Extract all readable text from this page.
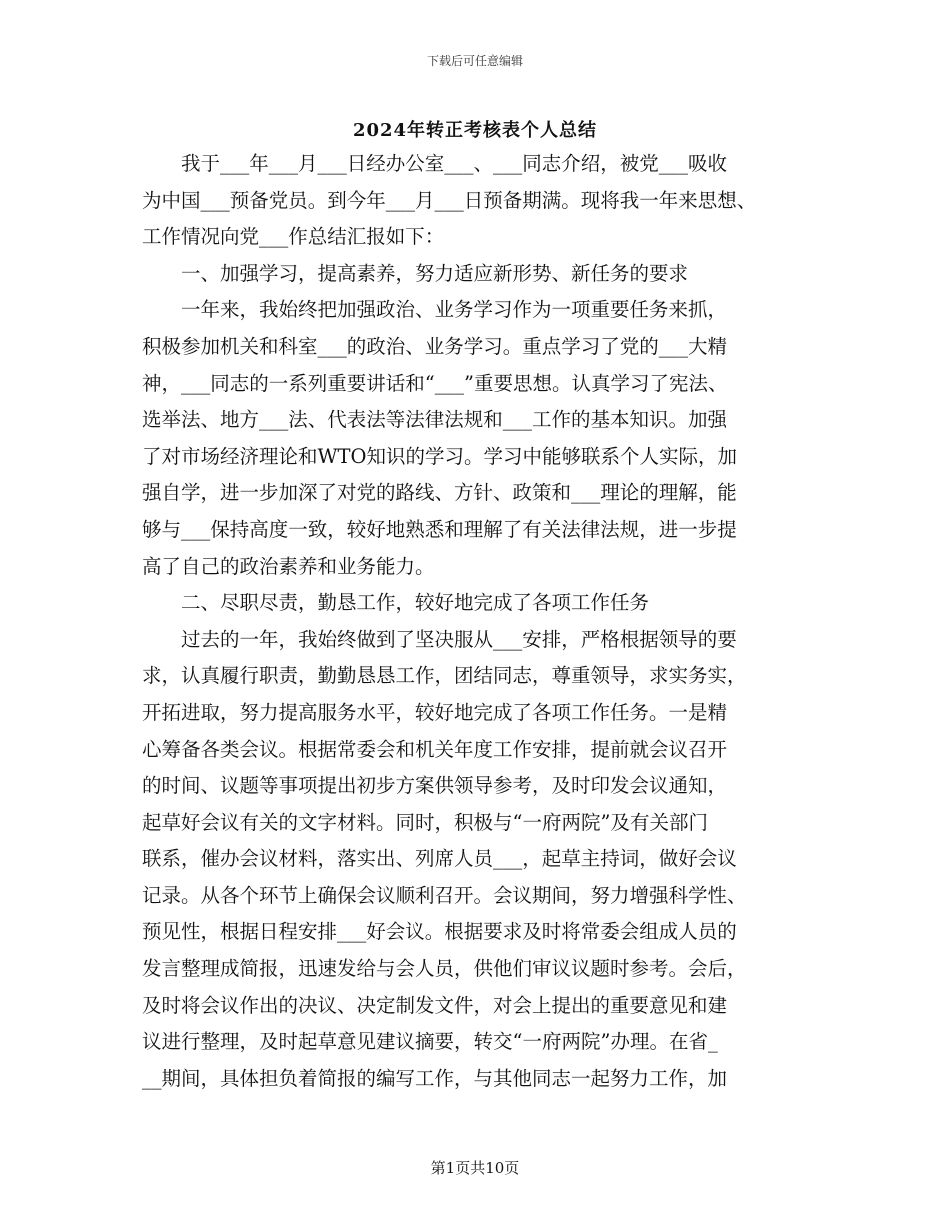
下载后可任意编辑
2024年转正考核表个人总结
　　我于___年___月___日经办公室___、___同志介绍，被党___吸收
为中国___预备党员。到今年___月___日预备期满。现将我一年来思想、
工作情况向党___作总结汇报如下：
　　一、加强学习，提高素养，努力适应新形势、新任务的要求
　　一年来，我始终把加强政治、业务学习作为一项重要任务来抓，
积极参加机关和科室___的政治、业务学习。重点学习了党的___大精
神，___同志的一系列重要讲话和“___”重要思想。认真学习了宪法、
选举法、地方___法、代表法等法律法规和___工作的基本知识。加强
了对市场经济理论和WTO知识的学习。学习中能够联系个人实际，加
强自学，进一步加深了对党的路线、方针、政策和___理论的理解，能
够与___保持高度一致，较好地熟悉和理解了有关法律法规，进一步提
高了自己的政治素养和业务能力。
　　二、尽职尽责，勤恳工作，较好地完成了各项工作任务
　　过去的一年，我始终做到了坚决服从___安排，严格根据领导的要
求，认真履行职责，勤勤恳恳工作，团结同志，尊重领导，求实务实，
开拓进取，努力提高服务水平，较好地完成了各项工作任务。一是精
心筹备各类会议。根据常委会和机关年度工作安排，提前就会议召开
的时间、议题等事项提出初步方案供领导参考，及时印发会议通知，
起草好会议有关的文字材料。同时，积极与“一府两院”及有关部门
联系，催办会议材料，落实出、列席人员___，起草主持词，做好会议
记录。从各个环节上确保会议顺利召开。会议期间，努力增强科学性、
预见性，根据日程安排___好会议。根据要求及时将常委会组成人员的
发言整理成简报，迅速发给与会人员，供他们审议议题时参考。会后，
及时将会议作出的决议、决定制发文件，对会上提出的重要意见和建
议进行整理，及时起草意见建议摘要，转交“一府两院”办理。在省_
__期间，具体担负着简报的编写工作，与其他同志一起努力工作，加
第1页共10页
